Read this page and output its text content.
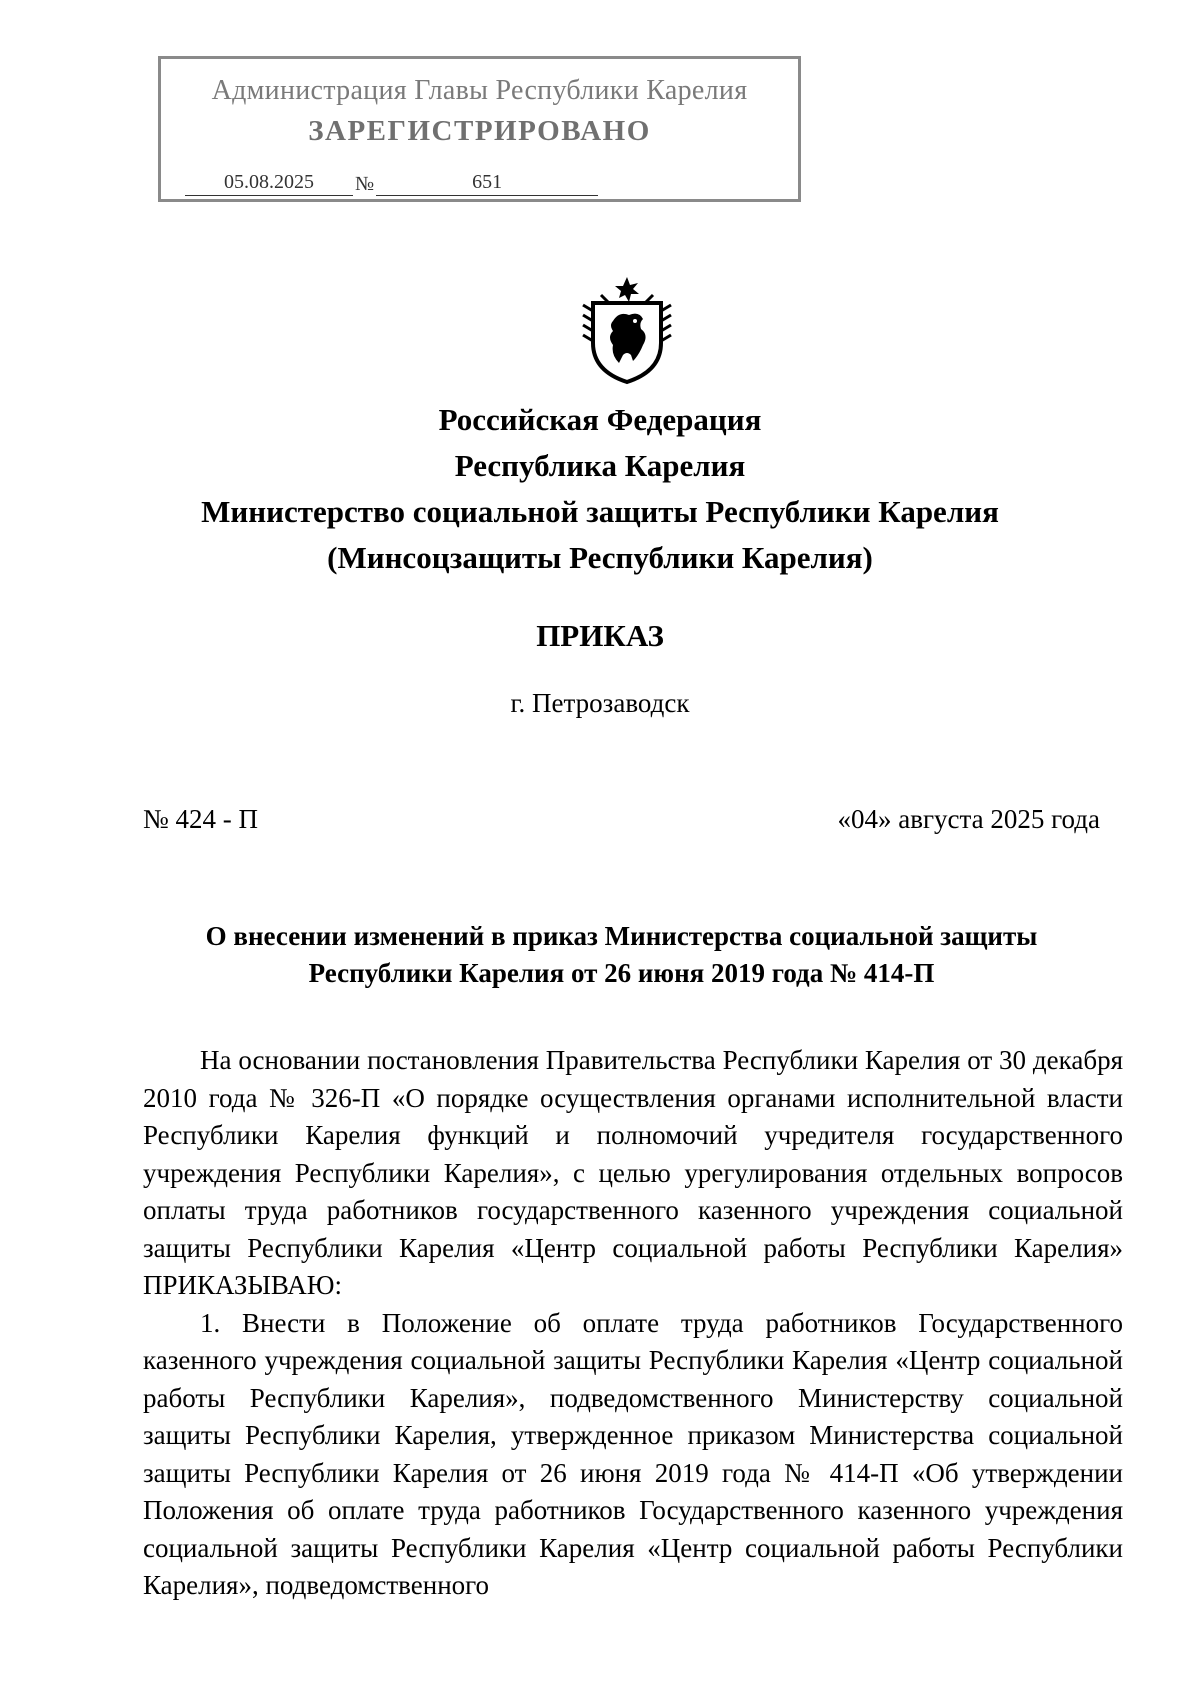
Администрация Главы Республики Карелия
ЗАРЕГИСТРИРОВАНО
05.08.2025	№	651
Российская Федерация
Республика Карелия
Министерство социальной защиты Республики Карелия
(Минсоцзащиты Республики Карелия)
ПРИКАЗ
г. Петрозаводск
№ 424 - П	«04» августа 2025 года
О внесении изменений в приказ Министерства социальной защиты
Республики Карелия от 26 июня 2019 года № 414-П

На основании постановления Правительства Республики Карелия от 30 декабря 2010 года № 326-П «О порядке осуществления органами исполнительной власти Республики Карелия функций и полномочий учредителя государственного учреждения Республики Карелия», с целью урегулирования отдельных вопросов оплаты труда работников государственного казенного учреждения социальной защиты Республики Карелия «Центр социальной работы Республики Карелия» ПРИКАЗЫВАЮ:

1. Внести в Положение об оплате труда работников Государственного казенного учреждения социальной защиты Республики Карелия «Центр социальной работы Республики Карелия», подведомственного Министерству социальной защиты Республики Карелия, утвержденное приказом Министерства социальной защиты Республики Карелия от 26 июня 2019 года № 414-П «Об утверждении Положения об оплате труда работников Государственного казенного учреждения социальной защиты Республики Карелия «Центр социальной работы Республики Карелия», подведомственного
